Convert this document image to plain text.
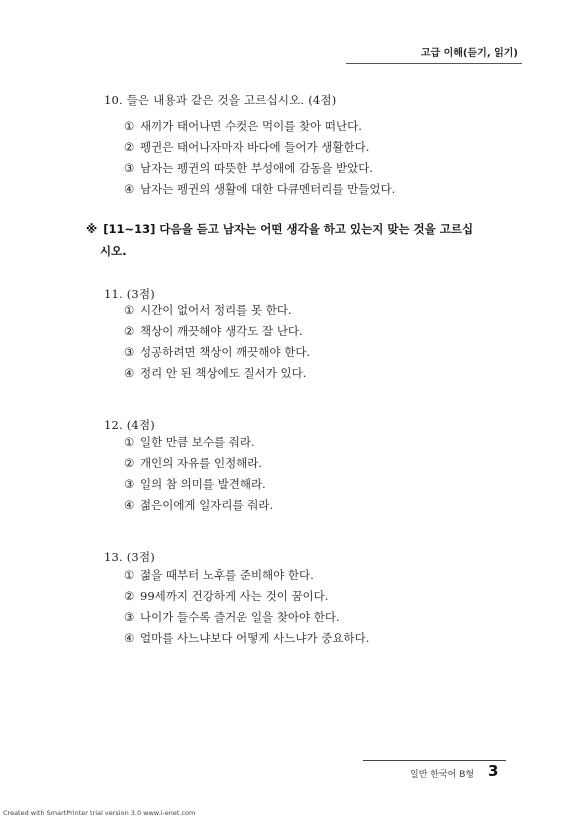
고급 이해(듣기, 읽기)
10. 들은 내용과 같은 것을 고르십시오. (4점)
① 새끼가 태어나면 수컷은 먹이를 찾아 떠난다.
② 펭귄은 태어나자마자 바다에 들어가 생활한다.
③ 남자는 펭귄의 따뜻한 부성애에 감동을 받았다.
④ 남자는 펭귄의 생활에 대한 다큐멘터리를 만들었다.
※ [11~13] 다음을 듣고 남자는 어떤 생각을 하고 있는지 맞는 것을 고르십
시오.
11. (3점)
① 시간이 없어서 정리를 못 한다.
② 책상이 깨끗해야 생각도 잘 난다.
③ 성공하려면 책상이 깨끗해야 한다.
④ 정리 안 된 책상에도 질서가 있다.
12. (4점)
① 일한 만큼 보수를 줘라.
② 개인의 자유를 인정해라.
③ 일의 참 의미를 발견해라.
④ 젊은이에게 일자리를 줘라.
13. (3점)
① 젊을 때부터 노후를 준비해야 한다.
② 99세까지 건강하게 사는 것이 꿈이다.
③ 나이가 들수록 즐거운 일을 찾아야 한다.
④ 얼마를 사느냐보다 어떻게 사느냐가 중요하다.
일반 한국어 B형 3
Created with SmartPrinter trial version 3.0 www.i-enet.com
